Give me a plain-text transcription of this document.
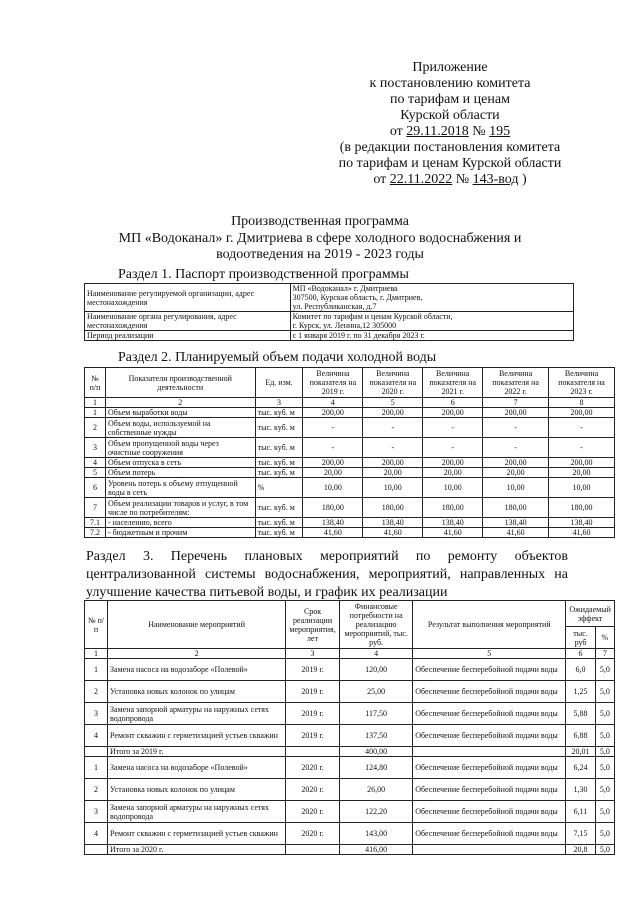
Приложение
к постановлению комитета
по тарифам и ценам
Курской области
от 29.11.2018 № 195
(в редакции постановления комитета
по тарифам и ценам Курской области
от 22.11.2022 № 143-вод )
Производственная программа
МП «Водоканал» г. Дмитриева в сфере холодного водоснабжения и
водоотведения на 2019 - 2023 годы
Раздел 1. Паспорт производственной программы
Наименование регулируемой организации, адрес местонахождения	МП «Водоканал» г. Дмитриева
307500, Курская область, г. Дмитриев,
ул. Республиканская, д.7

Наименование органа регулирования, адрес местонахождения	Комитет по тарифам и ценам Курской области,
г. Курск, ул. Ленина,12 305000

Период реализации	с 1 января 2019 г. по 31 декабря 2023 г.
Раздел 2. Планируемый объем подачи холодной воды
№ п/п	Показатели производственной деятельности	Ед. изм.	Величина показателя на 2019 г.	Величина показателя на 2020 г.	Величина показателя на 2021 г.	Величина показателя на 2022 г.	Величина показателя на 2023 г.
1	2	3	4	5	6	7	8
1	Объем выработки воды	тыс. куб. м	200,00	200,00	200,00	200,00	200,00
2	Объем воды, используемой на собственные нужды	тыс. куб. м	-	-	-	-	-
3	Объем пропущенной воды через очистные сооружения	тыс. куб. м	-	-	-	-	-
4	Объем отпуска в сеть	тыс. куб. м	200,00	200,00	200,00	200,00	200,00
5	Объем потерь	тыс. куб. м	20,00	20,00	20,00	20,00	20,00
6	Уровень потерь к объему отпущенной воды в сеть	%	10,00	10,00	10,00	10,00	10,00
7	Объем реализации товаров и услуг, в том числе по потребителям:	тыс. куб. м	180,00	180,00	180,00	180,00	180,00
7.1	- населению, всего	тыс. куб. м	138,40	138,40	138,40	138,40	138,40
7.2	- бюджетным и прочим	тыс. куб. м	41,60	41,60	41,60	41,60	41,60
Раздел 3. Перечень плановых мероприятий по ремонту объектов централизованной системы водоснабжения, мероприятий, направленных на улучшение качества питьевой воды, и график их реализации
№ п/п	Наименование мероприятий	Срок реализации мероприятия, лет	Финансовые потребности на реализацию мероприятий, тыс. руб.	Результат выполнения мероприятий	Ожидаемый эффект	
					тыс. руб	%
1	2	3	4	5	6	7
1	Замена насоса на водозаборе «Полевой»	2019 г.	120,00	Обеспечение бесперебойной подачи воды	6,0	5,0
2	Установка новых колонок по улицам	2019 г.	25,00	Обеспечение бесперебойной подачи воды	1,25	5,0
3	Замена запорной арматуры на наружных сетях водопровода	2019 г.	117,50	Обеспечение бесперебойной подачи воды	5,88	5,0
4	Ремонт скважин с герметизацией устьев скважин	2019 г.	137,50	Обеспечение бесперебойной подачи воды	6,88	5,0
	Итого за 2019 г.		400,00		20,01	5,0
1	Замена насоса на водозаборе «Полевой»	2020 г.	124,80	Обеспечение бесперебойной подачи воды	6,24	5,0
2	Установка новых колонок по улицам	2020 г.	26,00	Обеспечение бесперебойной подачи воды	1,30	5,0
3	Замена запорной арматуры на наружных сетях водопровода	2020 г.	122,20	Обеспечение бесперебойной подачи воды	6,11	5,0
4	Ремонт скважин с герметизацией устьев скважин	2020 г.	143,00	Обеспечение бесперебойной подачи воды	7,15	5,0
	Итого за 2020 г.		416,00		20,8	5,0
